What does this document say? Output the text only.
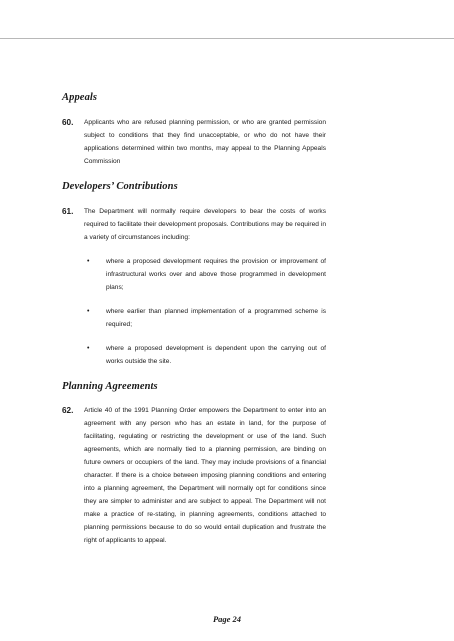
Appeals
60.	Applicants who are refused planning permission, or who are granted permission subject to conditions that they find unacceptable, or who do not have their applications determined within two months, may appeal to the Planning Appeals Commission
Developers’ Contributions
61.	The Department will normally require developers to bear the costs of works required to facilitate their development proposals. Contributions may be required in a variety of circumstances including:
•	where a proposed development requires the provision or improvement of infrastructural works over and above those programmed in development plans;
•	where earlier than planned implementation of a programmed scheme is required;
•	where a proposed development is dependent upon the carrying out of works outside the site.
Planning Agreements
62.	Article 40 of the 1991 Planning Order empowers the Department to enter into an agreement with any person who has an estate in land, for the purpose of facilitating, regulating or restricting the development or use of the land. Such agreements, which are normally tied to a planning permission, are binding on future owners or occupiers of the land. They may include provisions of a financial character. If there is a choice between imposing planning conditions and entering into a planning agreement, the Department will normally opt for conditions since they are simpler to administer and are subject to appeal. The Department will not make a practice of re-stating, in planning agreements, conditions attached to planning permissions because to do so would entail duplication and frustrate the right of applicants to appeal.
Page 24
